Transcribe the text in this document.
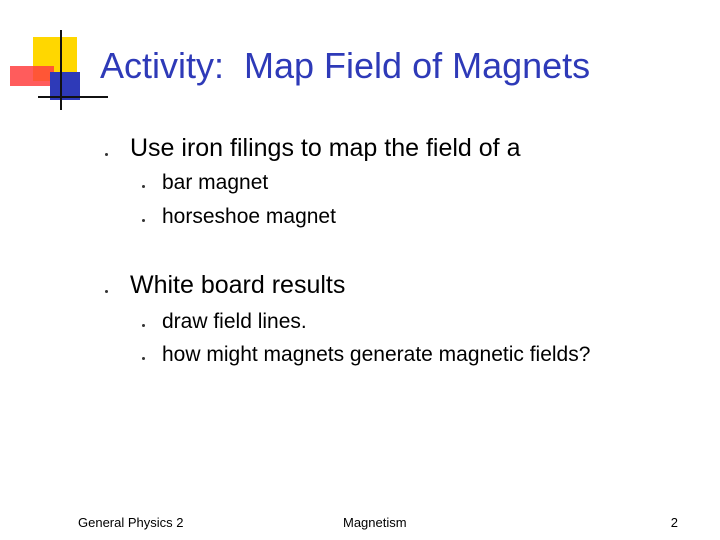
Activity:  Map Field of Magnets
Use iron filings to map the field of a
bar magnet
horseshoe magnet
White board results
draw field lines.
how might magnets generate magnetic fields?
General Physics 2	Magnetism	2
